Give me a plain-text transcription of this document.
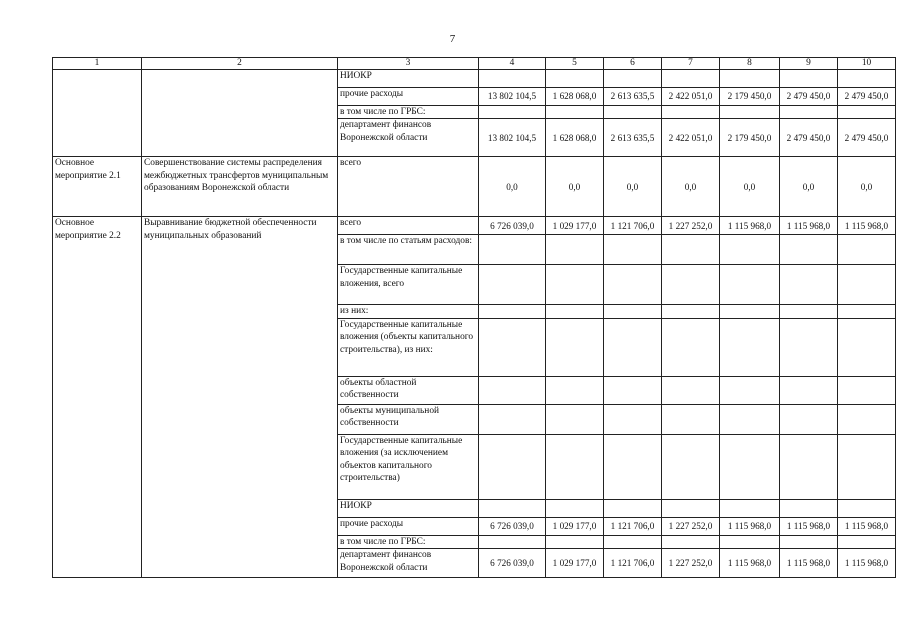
7
1	2	3	4	5	6	7	8	9	10
		НИОКР							
		прочие расходы	13 802 104,5	1 628 068,0	2 613 635,5	2 422 051,0	2 179 450,0	2 479 450,0	2 479 450,0
		в том числе по ГРБС:							
		департамент финансов Воронежской области	13 802 104,5	1 628 068,0	2 613 635,5	2 422 051,0	2 179 450,0	2 479 450,0	2 479 450,0
Основное мероприятие 2.1	Совершенствование системы распределения межбюджетных трансфертов муниципальным образованиям Воронежской области	всего	0,0	0,0	0,0	0,0	0,0	0,0	0,0
Основное мероприятие 2.2	Выравнивание бюджетной обеспеченности муниципальных образований	всего	6 726 039,0	1 029 177,0	1 121 706,0	1 227 252,0	1 115 968,0	1 115 968,0	1 115 968,0
		в том числе по статьям расходов:							
		Государственные капитальные вложения, всего							
		из них:							
		Государственные капитальные вложения (объекты капитального строительства), из них:							
		объекты областной собственности							
		объекты муниципальной собственности							
		Государственные капитальные вложения (за исключением объектов капитального строительства)							
		НИОКР							
		прочие расходы	6 726 039,0	1 029 177,0	1 121 706,0	1 227 252,0	1 115 968,0	1 115 968,0	1 115 968,0
		в том числе по ГРБС:							
		департамент финансов Воронежской области	6 726 039,0	1 029 177,0	1 121 706,0	1 227 252,0	1 115 968,0	1 115 968,0	1 115 968,0
